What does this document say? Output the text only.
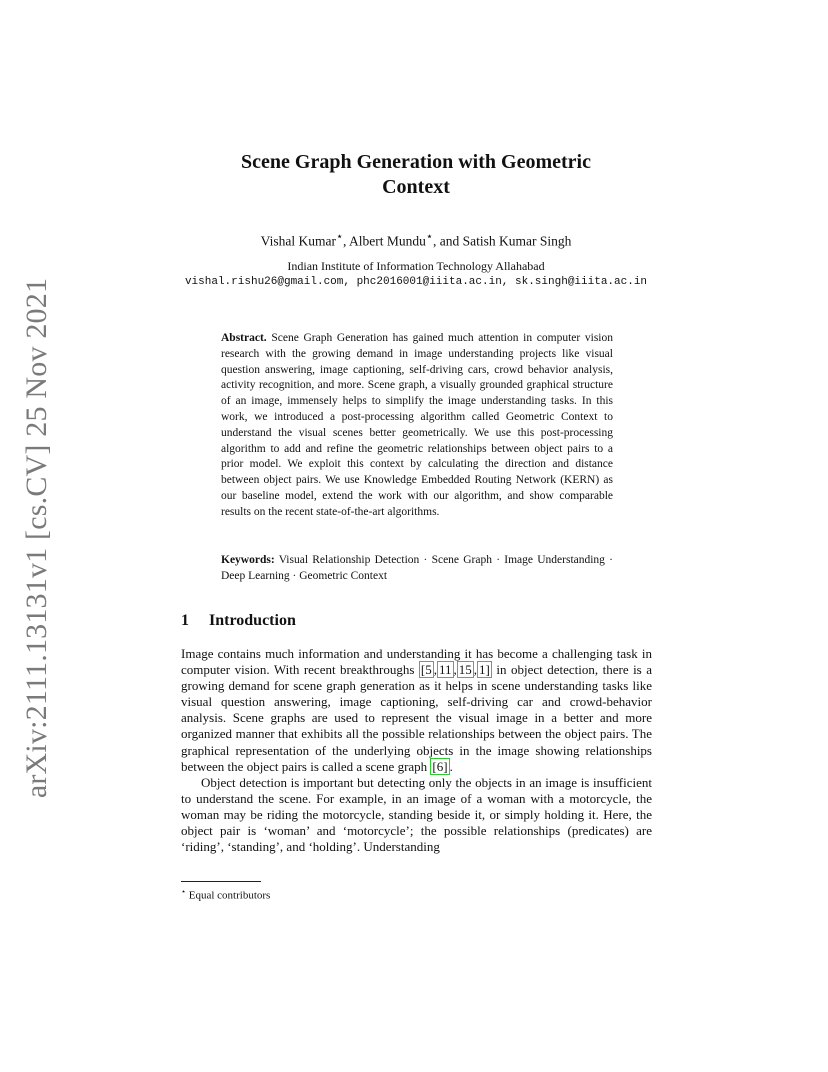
arXiv:2111.13131v1 [cs.CV] 25 Nov 2021
Scene Graph Generation with Geometric
Context
Vishal Kumar⋆, Albert Mundu⋆, and Satish Kumar Singh
Indian Institute of Information Technology Allahabad
vishal.rishu26@gmail.com, phc2016001@iiita.ac.in, sk.singh@iiita.ac.in
Abstract. Scene Graph Generation has gained much attention in computer vision research with the growing demand in image understanding projects like visual question answering, image captioning, self-driving cars, crowd behavior analysis, activity recognition, and more. Scene graph, a visually grounded graphical structure of an image, immensely helps to simplify the image understanding tasks. In this work, we introduced a post-processing algorithm called Geometric Context to understand the visual scenes better geometrically. We use this post-processing algorithm to add and refine the geometric relationships between object pairs to a prior model. We exploit this context by calculating the direction and distance between object pairs. We use Knowledge Embedded Routing Network (KERN) as our baseline model, extend the work with our algorithm, and show comparable results on the recent state-of-the-art algorithms.
Keywords: Visual Relationship Detection · Scene Graph · Image Understanding · Deep Learning · Geometric Context
1 Introduction

Image contains much information and understanding it has become a challenging task in computer vision. With recent breakthroughs [5 , 11 , 15 , 1] in object detection, there is a growing demand for scene graph generation as it helps in scene understanding tasks like visual question answering, image captioning, self-driving car and crowd-behavior analysis. Scene graphs are used to represent the visual image in a better and more organized manner that exhibits all the possible relationships between the object pairs. The graphical representation of the underlying objects in the image showing relationships between the object pairs is called a scene graph [6] .

Object detection is important but detecting only the objects in an image is insufficient to understand the scene. For example, in an image of a woman with a motorcycle, the woman may be riding the motorcycle, standing beside it, or simply holding it. Here, the object pair is ‘woman’ and ‘motorcycle’; the possible relationships (predicates) are ‘riding’, ‘standing’, and ‘holding’. Understanding

⋆ Equal contributors
